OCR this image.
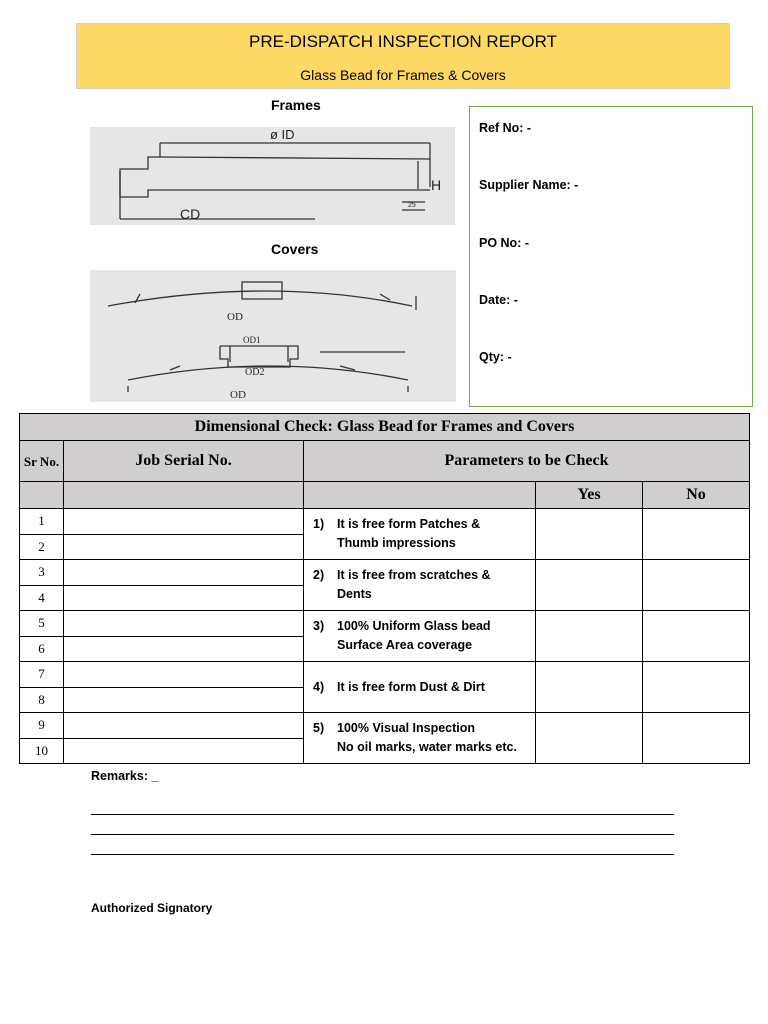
PRE-DISPATCH INSPECTION REPORT
Glass Bead for Frames & Covers
Frames
ø ID
H
CD
25
Covers
OD
OD1
OD2
OD
Ref No: -
Supplier Name: -
PO No: -
Date: -
Qty: -
Dimensional Check: Glass Bead for Frames and Covers				
Sr No.	Job Serial No.	Parameters to be Check		
			Yes	No
1		1) It is free form Patches &
Thumb impressions		
2				
3		2) It is free from scratches &
Dents		
4				
5		3) 100% Uniform Glass bead
Surface Area coverage		
6				
7		4) It is free form Dust & Dirt		
8				
9		5) 100% Visual Inspection
No oil marks, water marks etc.		
10				
Remarks: _
Authorized Signatory
